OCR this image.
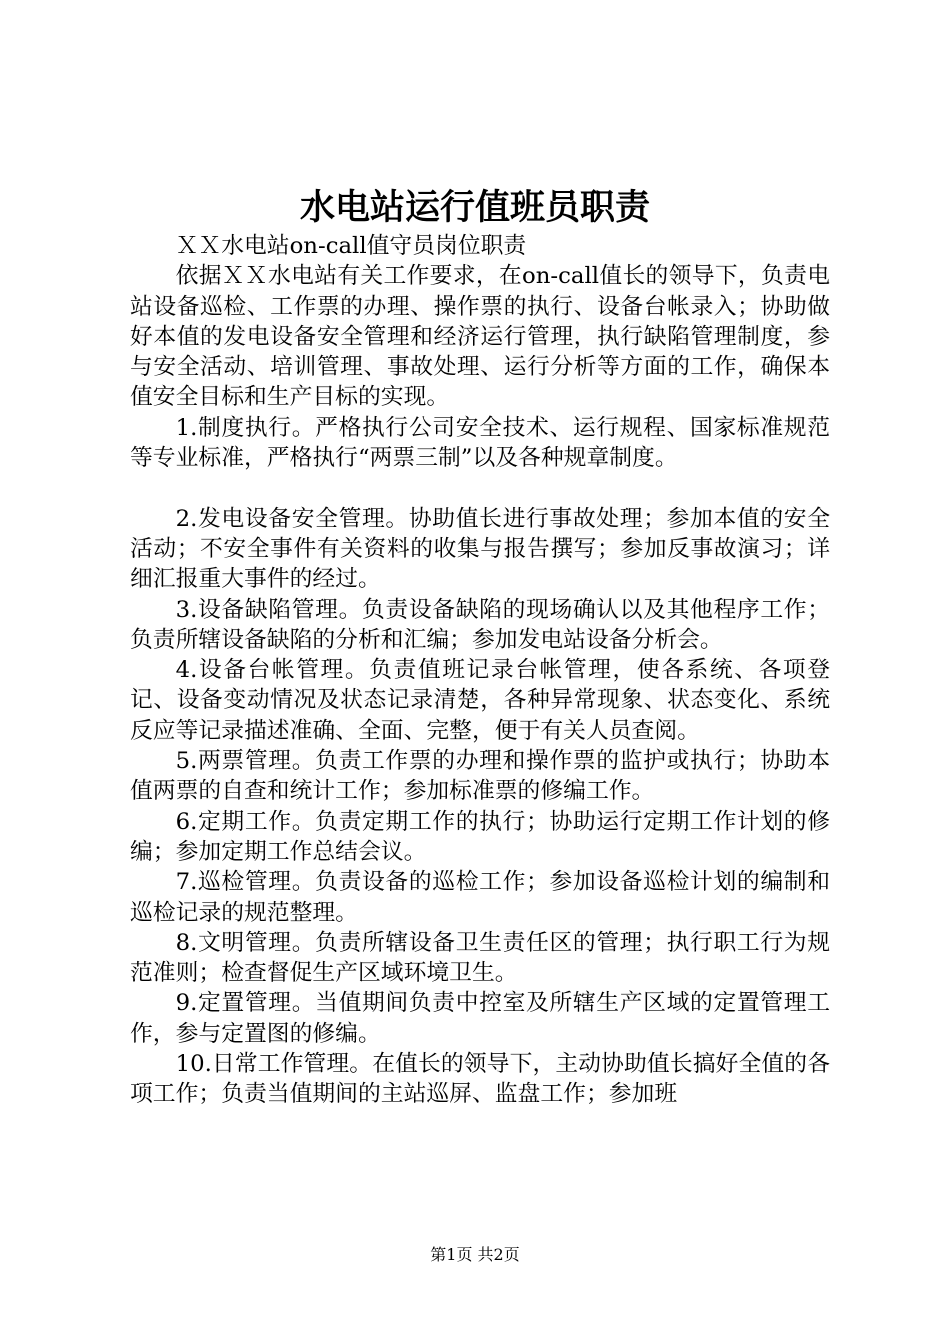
水电站运行值班员职责

ＸＸ水电站on-call值守员岗位职责

依据ＸＸ水电站有关工作要求，在on-call值长的领导下，负责电站设备巡检、工作票的办理、操作票的执行、设备台帐录入；协助做好本值的发电设备安全管理和经济运行管理，执行缺陷管理制度，参与安全活动、培训管理、事故处理、运行分析等方面的工作，确保本值安全目标和生产目标的实现。

1.制度执行。严格执行公司安全技术、运行规程、国家标准规范等专业标准，严格执行“两票三制”以及各种规章制度。

2.发电设备安全管理。协助值长进行事故处理；参加本值的安全活动；不安全事件有关资料的收集与报告撰写；参加反事故演习；详细汇报重大事件的经过。

3.设备缺陷管理。负责设备缺陷的现场确认以及其他程序工作；负责所辖设备缺陷的分析和汇编；参加发电站设备分析会。

4.设备台帐管理。负责值班记录台帐管理，使各系统、各项登记、设备变动情况及状态记录清楚，各种异常现象、状态变化、系统反应等记录描述准确、全面、完整，便于有关人员查阅。

5.两票管理。负责工作票的办理和操作票的监护或执行；协助本值两票的自查和统计工作；参加标准票的修编工作。

6.定期工作。负责定期工作的执行；协助运行定期工作计划的修编；参加定期工作总结会议。

7.巡检管理。负责设备的巡检工作；参加设备巡检计划的编制和巡检记录的规范整理。

8.文明管理。负责所辖设备卫生责任区的管理；执行职工行为规范准则；检查督促生产区域环境卫生。

9.定置管理。当值期间负责中控室及所辖生产区域的定置管理工作，参与定置图的修编。

10.日常工作管理。在值长的领导下，主动协助值长搞好全值的各项工作；负责当值期间的主站巡屏、监盘工作；参加班

第1页 共2页
